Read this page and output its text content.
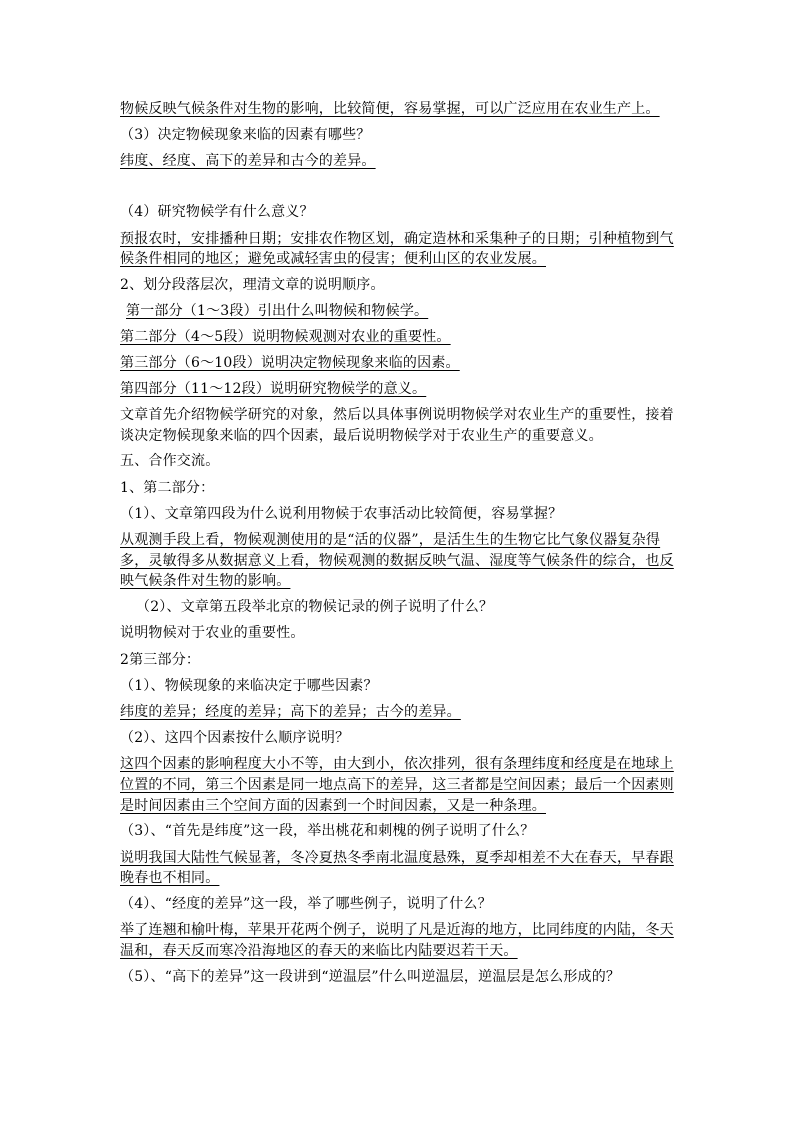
物候反映气候条件对生物的影响，比较简便，容易掌握，可以广泛应用在农业生产上。
（3）决定物候现象来临的因素有哪些？
纬度、经度、高下的差异和古今的差异。
（4）研究物候学有什么意义？
预报农时，安排播种日期；安排农作物区划，确定造林和采集种子的日期；引种植物到气
候条件相同的地区；避免或减轻害虫的侵害；便利山区的农业发展。
2、划分段落层次，理清文章的说明顺序。
第一部分（1～3段）引出什么叫物候和物候学。
第二部分（4～5段）说明物候观测对农业的重要性。
第三部分（6～10段）说明决定物候现象来临的因素。
第四部分（11～12段）说明研究物候学的意义。
文章首先介绍物候学研究的对象，然后以具体事例说明物候学对农业生产的重要性，接着
谈决定物候现象来临的四个因素，最后说明物候学对于农业生产的重要意义。
五、合作交流。
1、第二部分：
（1）、文章第四段为什么说利用物候于农事活动比较简便，容易掌握？
从观测手段上看，物候观测使用的是“活的仪器”，是活生生的生物它比气象仪器复杂得
多，灵敏得多从数据意义上看，物候观测的数据反映气温、湿度等气候条件的综合，也反
映气候条件对生物的影响。
（2）、文章第五段举北京的物候记录的例子说明了什么？
说明物候对于农业的重要性。
2第三部分：
（1）、物候现象的来临决定于哪些因素？
纬度的差异；经度的差异；高下的差异；古今的差异。
（2）、这四个因素按什么顺序说明？
这四个因素的影响程度大小不等，由大到小，依次排列，很有条理纬度和经度是在地球上
位置的不同，第三个因素是同一地点高下的差异，这三者都是空间因素；最后一个因素则
是时间因素由三个空间方面的因素到一个时间因素，又是一种条理。
（3）、“首先是纬度”这一段，举出桃花和刺槐的例子说明了什么？
说明我国大陆性气候显著，冬冷夏热冬季南北温度悬殊，夏季却相差不大在春天，早春跟
晚春也不相同。
（4）、“经度的差异”这一段，举了哪些例子，说明了什么？
举了连翘和榆叶梅，苹果开花两个例子，说明了凡是近海的地方，比同纬度的内陆，冬天
温和，春天反而寒冷沿海地区的春天的来临比内陆要迟若干天。
（5）、“高下的差异”这一段讲到“逆温层”什么叫逆温层，逆温层是怎么形成的？
